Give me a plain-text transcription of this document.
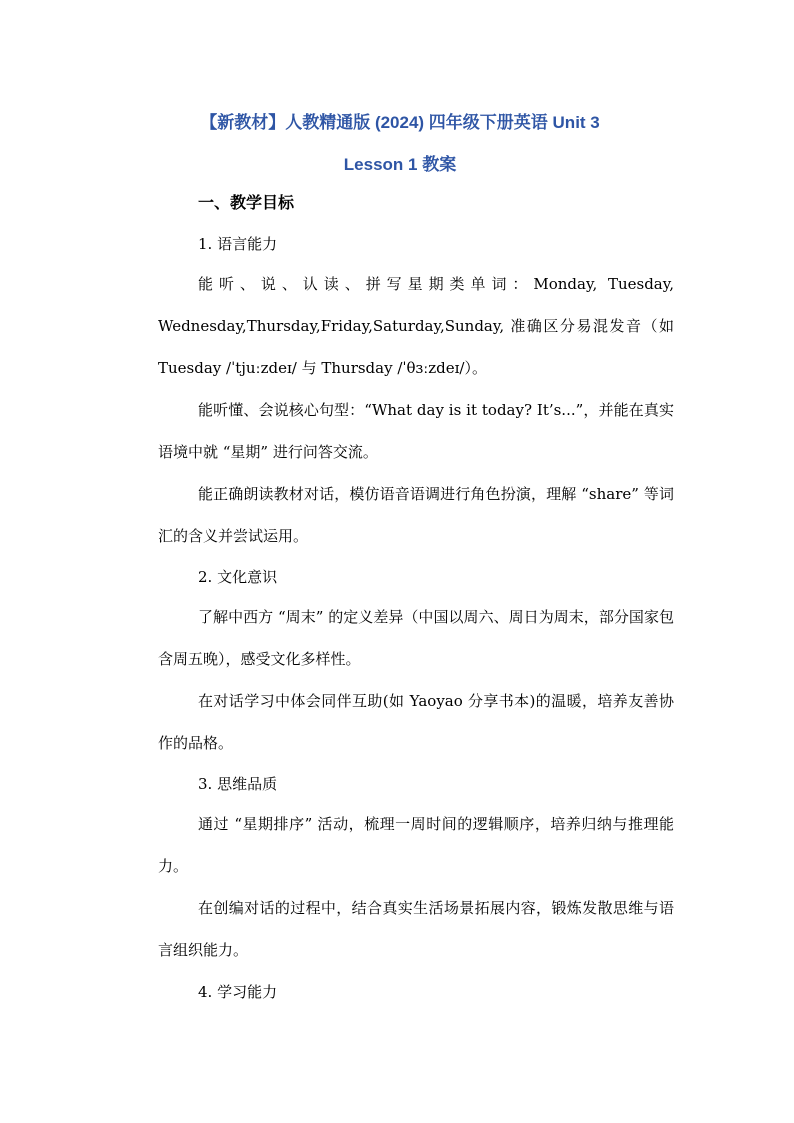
【新教材】人教精通版 (2024) 四年级下册英语 Unit 3
Lesson 1 教案
一、教学目标
1. 语言能力
能听、说、认读、拼写星期类单词：Monday, Tuesday, Wednesday,Thursday,Friday,Saturday,Sunday, 准确区分易混发音（如 Tuesday /ˈtjuːzdeɪ/ 与 Thursday /ˈθɜːzdeɪ/）。
能听懂、会说核心句型：“What day is it today? It’s...”，并能在真实语境中就 “星期” 进行问答交流。
能正确朗读教材对话，模仿语音语调进行角色扮演，理解 “share” 等词汇的含义并尝试运用。
2. 文化意识
了解中西方 “周末” 的定义差异（中国以周六、周日为周末，部分国家包含周五晚），感受文化多样性。
在对话学习中体会同伴互助(如 Yaoyao 分享书本)的温暖，培养友善协作的品格。
3. 思维品质
通过 “星期排序” 活动，梳理一周时间的逻辑顺序，培养归纳与推理能力。
在创编对话的过程中，结合真实生活场景拓展内容，锻炼发散思维与语言组织能力。
4. 学习能力
